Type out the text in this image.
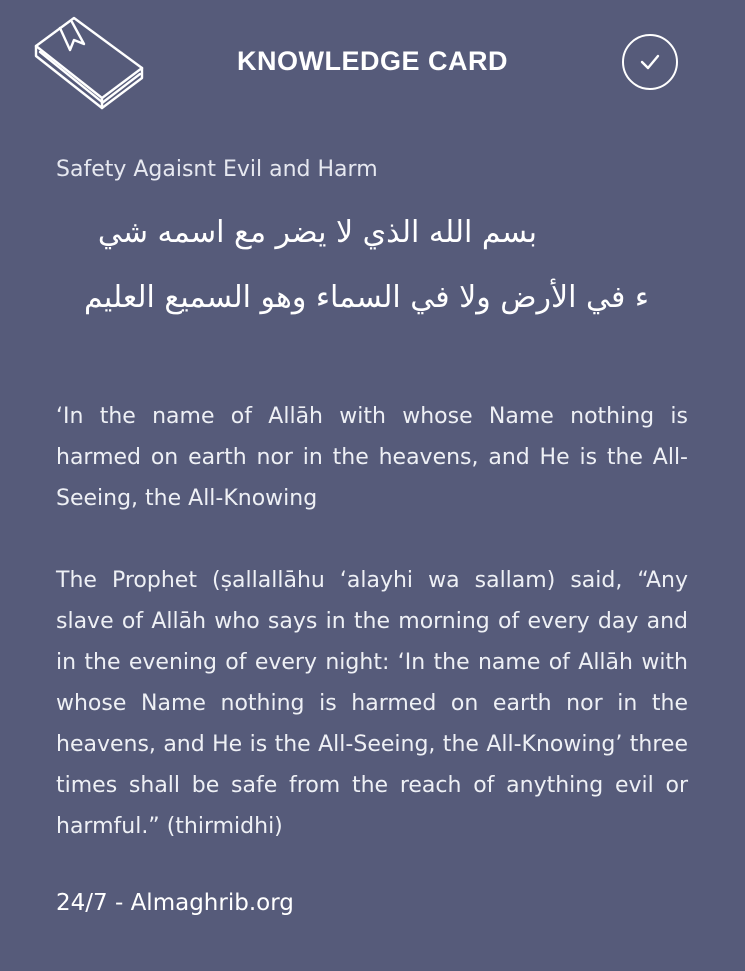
KNOWLEDGE CARD
Safety Agaisnt Evil and Harm
بسم الله الذي لا يضر مع اسمه شي
ء في الأرض ولا في السماء وهو السميع العليم
‘In the name of Allāh with whose Name nothing is harmed on earth nor in the heavens, and He is the All-Seeing, the All-Knowing
The Prophet (ṣallallāhu ‘alayhi wa sallam) said, “Any slave of Allāh who says in the morning of every day and in the evening of every night: ‘In the name of Allāh with whose Name nothing is harmed on earth nor in the heavens, and He is the All-Seeing, the All-Knowing’ three times shall be safe from the reach of anything evil or harmful.” (thirmidhi)
24/7 - Almaghrib.org
